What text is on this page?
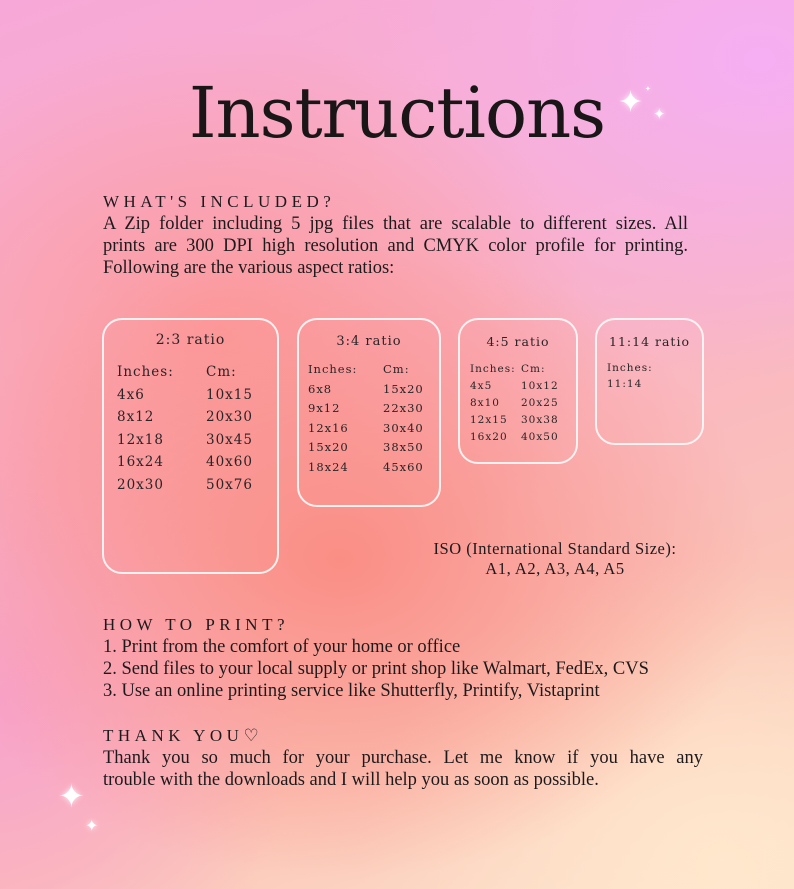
Instructions ✦ ✦
✦
WHAT'S INCLUDED?
A Zip folder including 5 jpg files that are scalable to different sizes. All
prints are 300 DPI high resolution and CMYK color profile for printing.
Following are the various aspect ratios:
2:3 ratio
Inches:
4x6
8x12
12x18
16x24
20x30
Cm:
10x15
20x30
30x45
40x60
50x76
3:4 ratio
Inches:
6x8
9x12
12x16
15x20
18x24
Cm:
15x20
22x30
30x40
38x50
45x60
4:5 ratio
Inches:
4x5
8x10
12x15
16x20
Cm:
10x12
20x25
30x38
40x50
11:14 ratio
Inches:
11:14
ISO (International Standard Size):
A1, A2, A3, A4, A5
HOW TO PRINT?
1. Print from the comfort of your home or office
2. Send files to your local supply or print shop like Walmart, FedEx, CVS
3. Use an online printing service like Shutterfly, Printify, Vistaprint
THANK YOU♡
Thank you so much for your purchase. Let me know if you have any
trouble with the downloads and I will help you as soon as possible.
✦
✦
